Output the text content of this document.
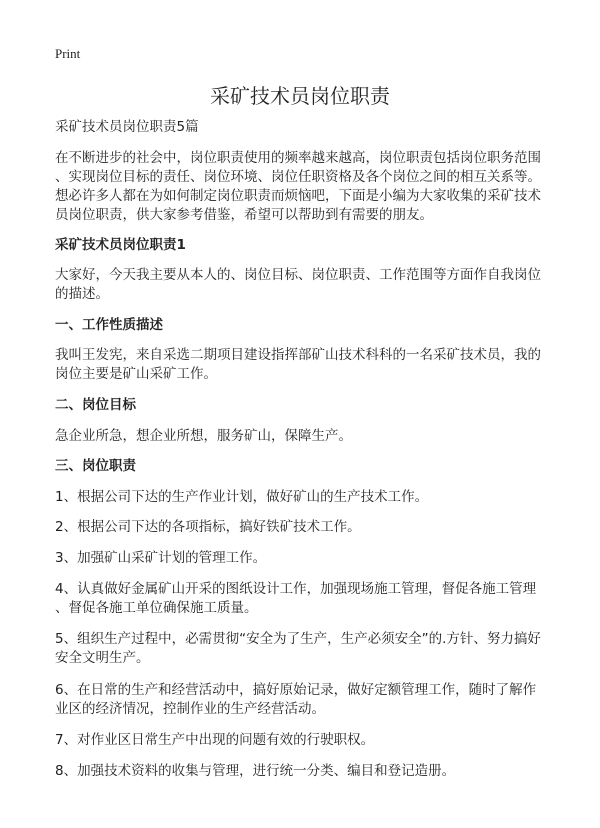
Print
采矿技术员岗位职责
采矿技术员岗位职责5篇
在不断进步的社会中，岗位职责使用的频率越来越高，岗位职责包括岗位职务范围
、实现岗位目标的责任、岗位环境、岗位任职资格及各个岗位之间的相互关系等。
想必许多人都在为如何制定岗位职责而烦恼吧，下面是小编为大家收集的采矿技术
员岗位职责，供大家参考借鉴，希望可以帮助到有需要的朋友。
采矿技术员岗位职责1
大家好，今天我主要从本人的、岗位目标、岗位职责、工作范围等方面作自我岗位
的描述。
一、工作性质描述
我叫王发宪，来自采选二期项目建设指挥部矿山技术科科的一名采矿技术员，我的
岗位主要是矿山采矿工作。
二、岗位目标
急企业所急，想企业所想，服务矿山，保障生产。
三、岗位职责
1、根据公司下达的生产作业计划，做好矿山的生产技术工作。
2、根据公司下达的各项指标，搞好铁矿技术工作。
3、加强矿山采矿计划的管理工作。
4、认真做好金属矿山开采的图纸设计工作，加强现场施工管理，督促各施工管理
、督促各施工单位确保施工质量。
5、组织生产过程中，必需贯彻“安全为了生产，生产必须安全”的.方针、努力搞好
安全文明生产。
6、在日常的生产和经营活动中，搞好原始记录，做好定额管理工作，随时了解作
业区的经济情况，控制作业的生产经营活动。
7、对作业区日常生产中出现的问题有效的行驶职权。
8、加强技术资料的收集与管理，进行统一分类、编目和登记造册。
